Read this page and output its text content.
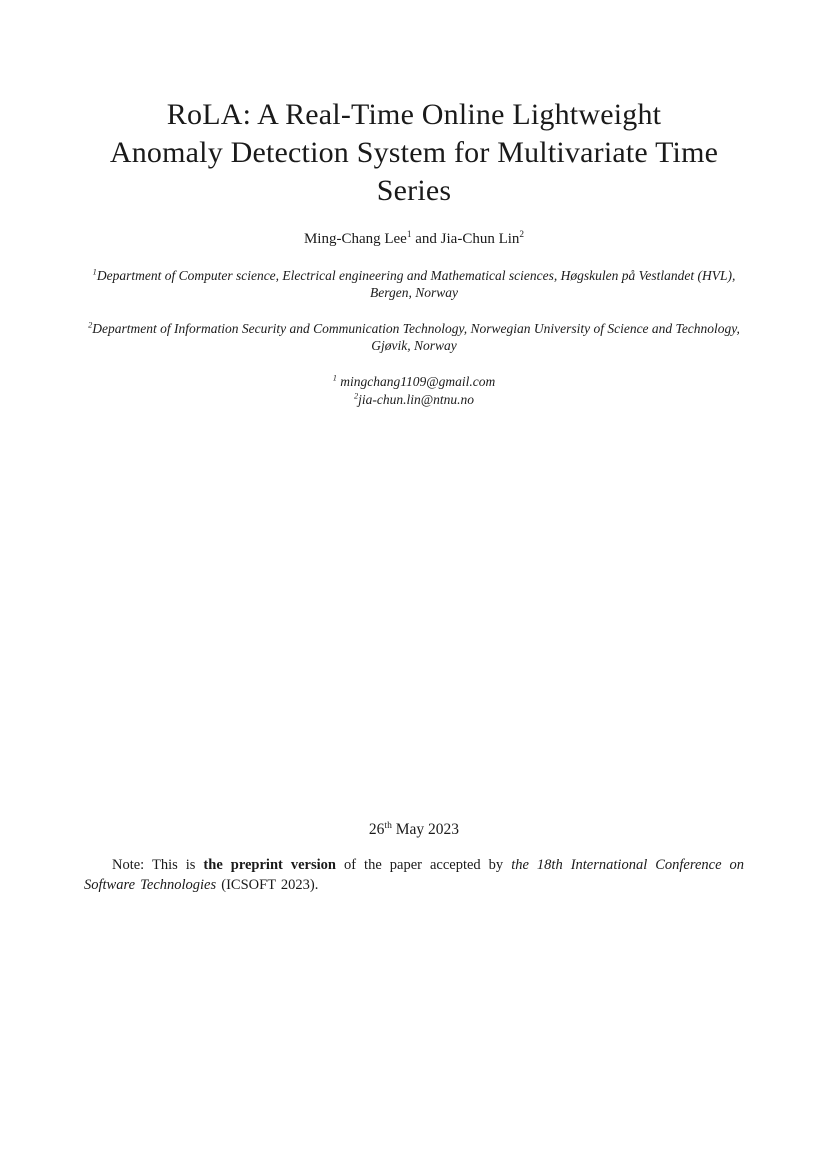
RoLA: A Real-Time Online Lightweight Anomaly Detection System for Multivariate Time Series

Ming-Chang Lee$^1$ and Jia-Chun Lin$^2$

$^1$Department of Computer science, Electrical engineering and Mathematical sciences, Høgskulen på Vestlandet (HVL), Bergen, Norway

$^2$Department of Information Security and Communication Technology, Norwegian University of Science and Technology, Gjøvik, Norway

$^1$ mingchang1109@gmail.com
$^2$jia-chun.lin@ntnu.no

26th May 2023

Note: This is the preprint version of the paper accepted by the 18th International Conference on Software Technologies (ICSOFT 2023).
